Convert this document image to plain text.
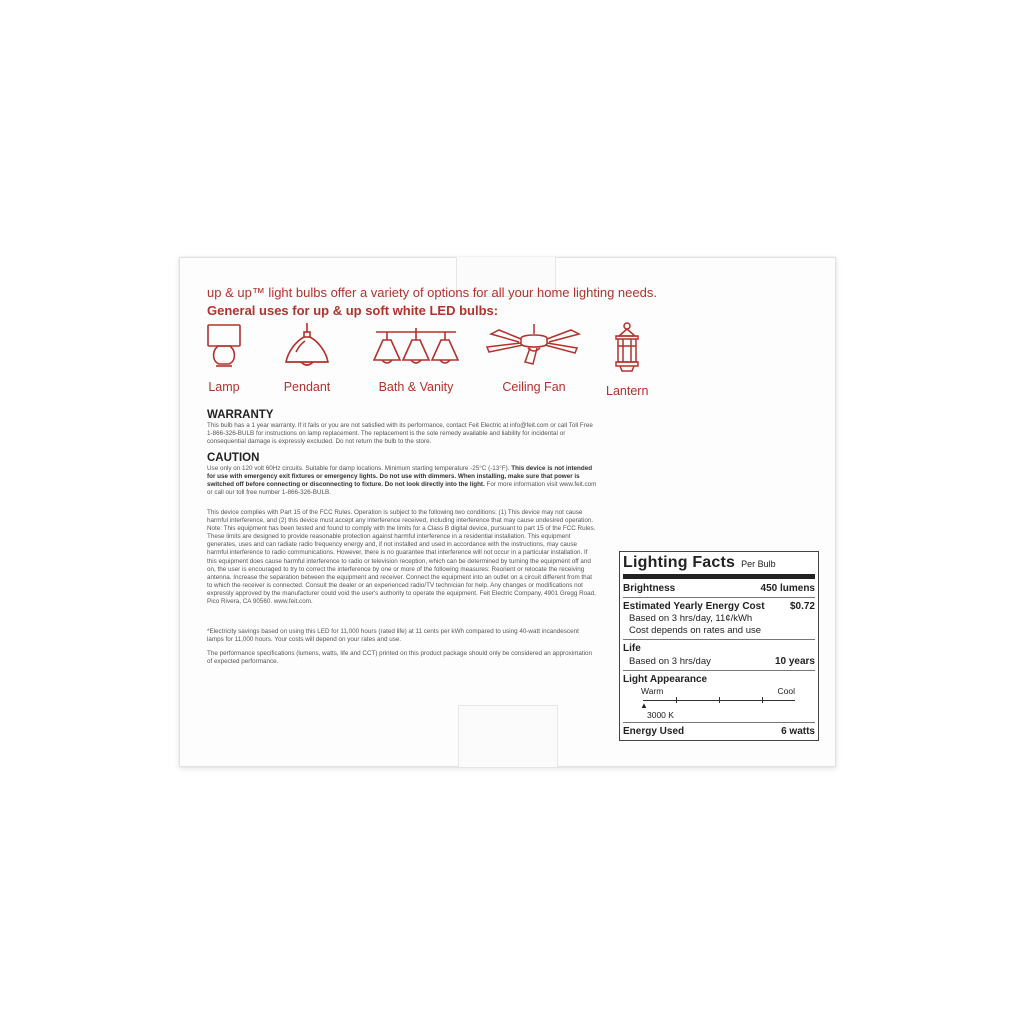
up & up™ light bulbs offer a variety of options for all your home lighting needs.

General uses for up & up soft white LED bulbs:

Lamp	Pendant	Bath & Vanity	Ceiling Fan	Lantern
WARRANTY

This bulb has a 1 year warranty. If it fails or you are not satisfied with its performance, contact Feit Electric at info@feit.com or call Toll Free 1-866-326-BULB for instructions on lamp replacement. The replacement is the sole remedy available and liability for incidental or consequential damage is expressly excluded. Do not return the bulb to the store.

CAUTION

Use only on 120 volt 60Hz circuits. Suitable for damp locations. Minimum starting temperature -25°C (-13°F). This device is not intended for use with emergency exit fixtures or emergency lights. Do not use with dimmers. When installing, make sure that power is switched off before connecting or disconnecting to fixture. Do not look directly into the light. For more information visit www.feit.com or call our toll free number 1-866-326-BULB.

This device complies with Part 15 of the FCC Rules. Operation is subject to the following two conditions: (1) This device may not cause harmful interference, and (2) this device must accept any interference received, including interference that may cause undesired operation. Note: This equipment has been tested and found to comply with the limits for a Class B digital device, pursuant to part 15 of the FCC Rules. These limits are designed to provide reasonable protection against harmful interference in a residential installation. This equipment generates, uses and can radiate radio frequency energy and, if not installed and used in accordance with the instructions, may cause harmful interference to radio communications. However, there is no guarantee that interference will not occur in a particular installation. If this equipment does cause harmful interference to radio or television reception, which can be determined by turning the equipment off and on, the user is encouraged to try to correct the interference by one or more of the following measures: Reorient or relocate the receiving antenna. Increase the separation between the equipment and receiver. Connect the equipment into an outlet on a circuit different from that to which the receiver is connected. Consult the dealer or an experienced radio/TV technician for help. Any changes or modifications not expressly approved by the manufacturer could void the user's authority to operate the equipment. Feit Electric Company, 4901 Gregg Road, Pico Rivera, CA 90560. www.feit.com.

*Electricity savings based on using this LED for 11,000 hours (rated life) at 11 cents per kWh compared to using 40-watt incandescent lamps for 11,000 hours. Your costs will depend on your rates and use.

The performance specifications (lumens, watts, life and CCT) printed on this product package should only be considered an approximation of expected performance.

Lighting Facts Per Bulb
Brightness	450 lumens
Estimated Yearly Energy Cost	$0.72
Based on 3 hrs/day, 11¢/kWh
Cost depends on rates and use
Life
Based on 3 hrs/day	10 years
Light Appearance
Warm	Cool
▲
3000 K
Energy Used	6 watts
